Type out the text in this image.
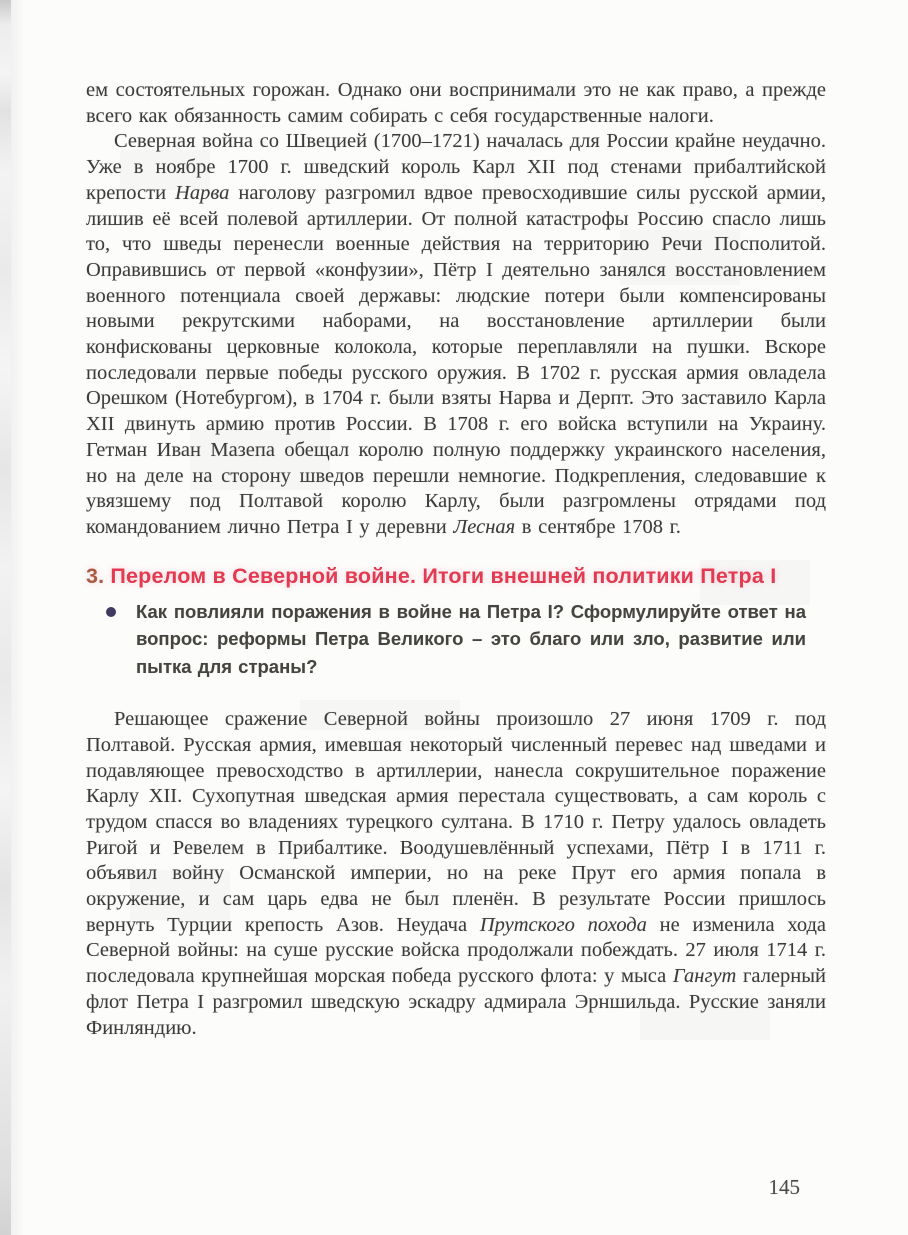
ем состоятельных горожан. Однако они воспринимали это не как право, а прежде всего как обязанность самим собирать с себя государственные налоги.

Северная война со Швецией (1700–1721) началась для России крайне неудачно. Уже в ноябре 1700 г. шведский король Карл XII под стенами прибалтийской крепости Нарва наголову разгромил вдвое превосходившие силы русской армии, лишив её всей полевой артиллерии. От полной катастрофы Россию спасло лишь то, что шведы перенесли военные действия на территорию Речи Посполитой. Оправившись от первой «конфузии», Пётр I деятельно занялся восстановлением военного потенциала своей державы: людские потери были компенсированы новыми рекрутскими наборами, на восстановление артиллерии были конфискованы церковные колокола, которые переплавляли на пушки. Вскоре последовали первые победы русского оружия. В 1702 г. русская армия овладела Орешком (Нотебургом), в 1704 г. были взяты Нарва и Дерпт. Это заставило Карла XII двинуть армию против России. В 1708 г. его войска вступили на Украину. Гетман Иван Мазепа обещал королю полную поддержку украинского населения, но на деле на сторону шведов перешли немногие. Подкрепления, следовавшие к увязшему под Полтавой королю Карлу, были разгромлены отрядами под командованием лично Петра I у деревни Лесная в сентябре 1708 г.

3. Перелом в Северной войне. Итоги внешней политики Петра I

Как повлияли поражения в войне на Петра I? Сформулируйте ответ на вопрос: реформы Петра Великого – это благо или зло, развитие или пытка для страны?

Решающее сражение Северной войны произошло 27 июня 1709 г. под Полтавой. Русская армия, имевшая некоторый численный перевес над шведами и подавляющее превосходство в артиллерии, нанесла сокрушительное поражение Карлу XII. Сухопутная шведская армия перестала существовать, а сам король с трудом спасся во владениях турецкого султана. В 1710 г. Петру удалось овладеть Ригой и Ревелем в Прибалтике. Воодушевлённый успехами, Пётр I в 1711 г. объявил войну Османской империи, но на реке Прут его армия попала в окружение, и сам царь едва не был пленён. В результате России пришлось вернуть Турции крепость Азов. Неудача Прутского похода не изменила хода Северной войны: на суше русские войска продолжали побеждать. 27 июля 1714 г. последовала крупнейшая морская победа русского флота: у мыса Гангут галерный флот Петра I разгромил шведскую эскадру адмирала Эрншильда. Русские заняли Финляндию.

145
